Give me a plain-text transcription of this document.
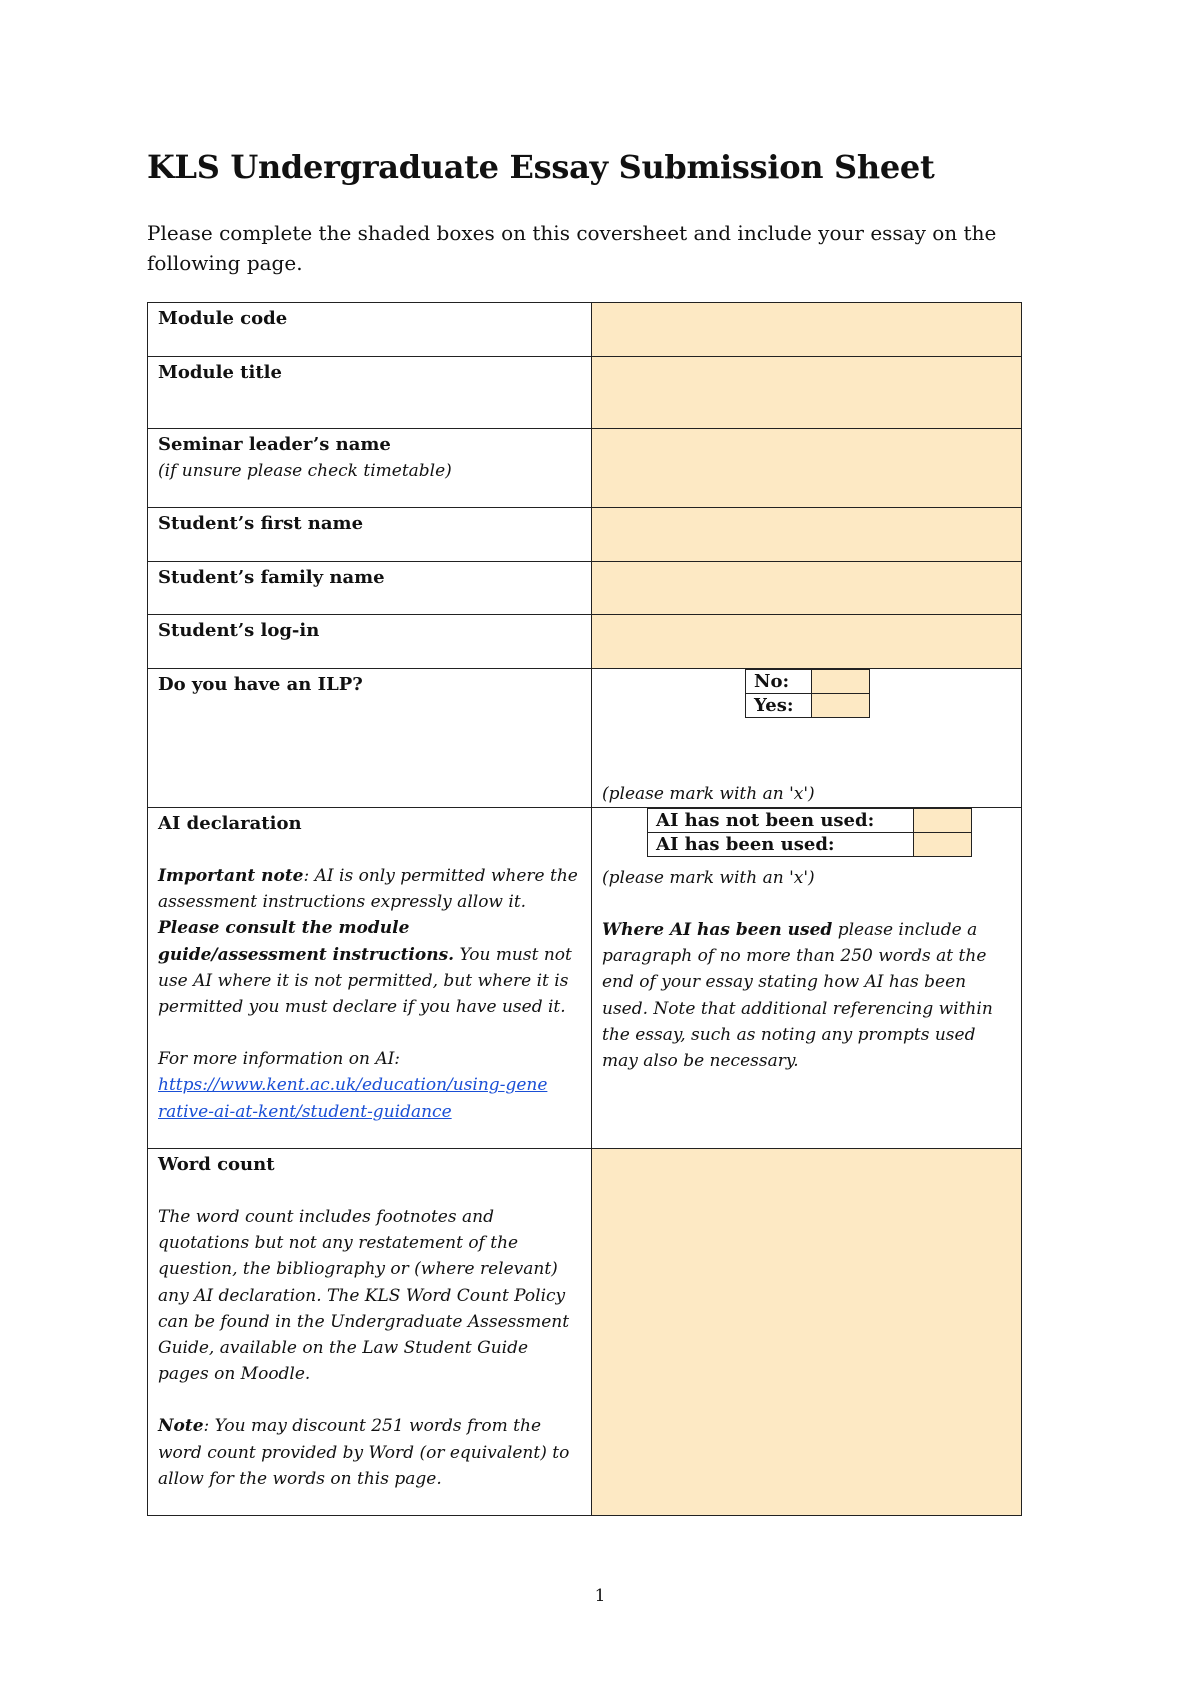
KLS Undergraduate Essay Submission Sheet
Please complete the shaded boxes on this coversheet and include your essay on the following page.
Module code
Module title
Seminar leader’s name
(if unsure please check timetable)
Student’s first name
Student’s family name
Student’s log-in
Do you have an ILP?	No:	
Yes:	
(please mark with an 'x')
AI declaration

Important note: AI is only permitted where the assessment instructions expressly allow it. Please consult the module guide/assessment instructions. You must not use AI where it is not permitted, but where it is permitted you must declare if you have used it.

For more information on AI:

https://www.kent.ac.uk/education/using-generative-ai-at-kent/student-guidance
AI has not been used:	
AI has been used:	
(please mark with an 'x')

Where AI has been used please include a paragraph of no more than 250 words at the end of your essay stating how AI has been used. Note that additional referencing within the essay, such as noting any prompts used may also be necessary.

Word count

The word count includes footnotes and quotations but not any restatement of the question, the bibliography or (where relevant) any AI declaration. The KLS Word Count Policy can be found in the Undergraduate Assessment Guide, available on the Law Student Guide pages on Moodle.

Note: You may discount 251 words from the word count provided by Word (or equivalent) to allow for the words on this page.

1
